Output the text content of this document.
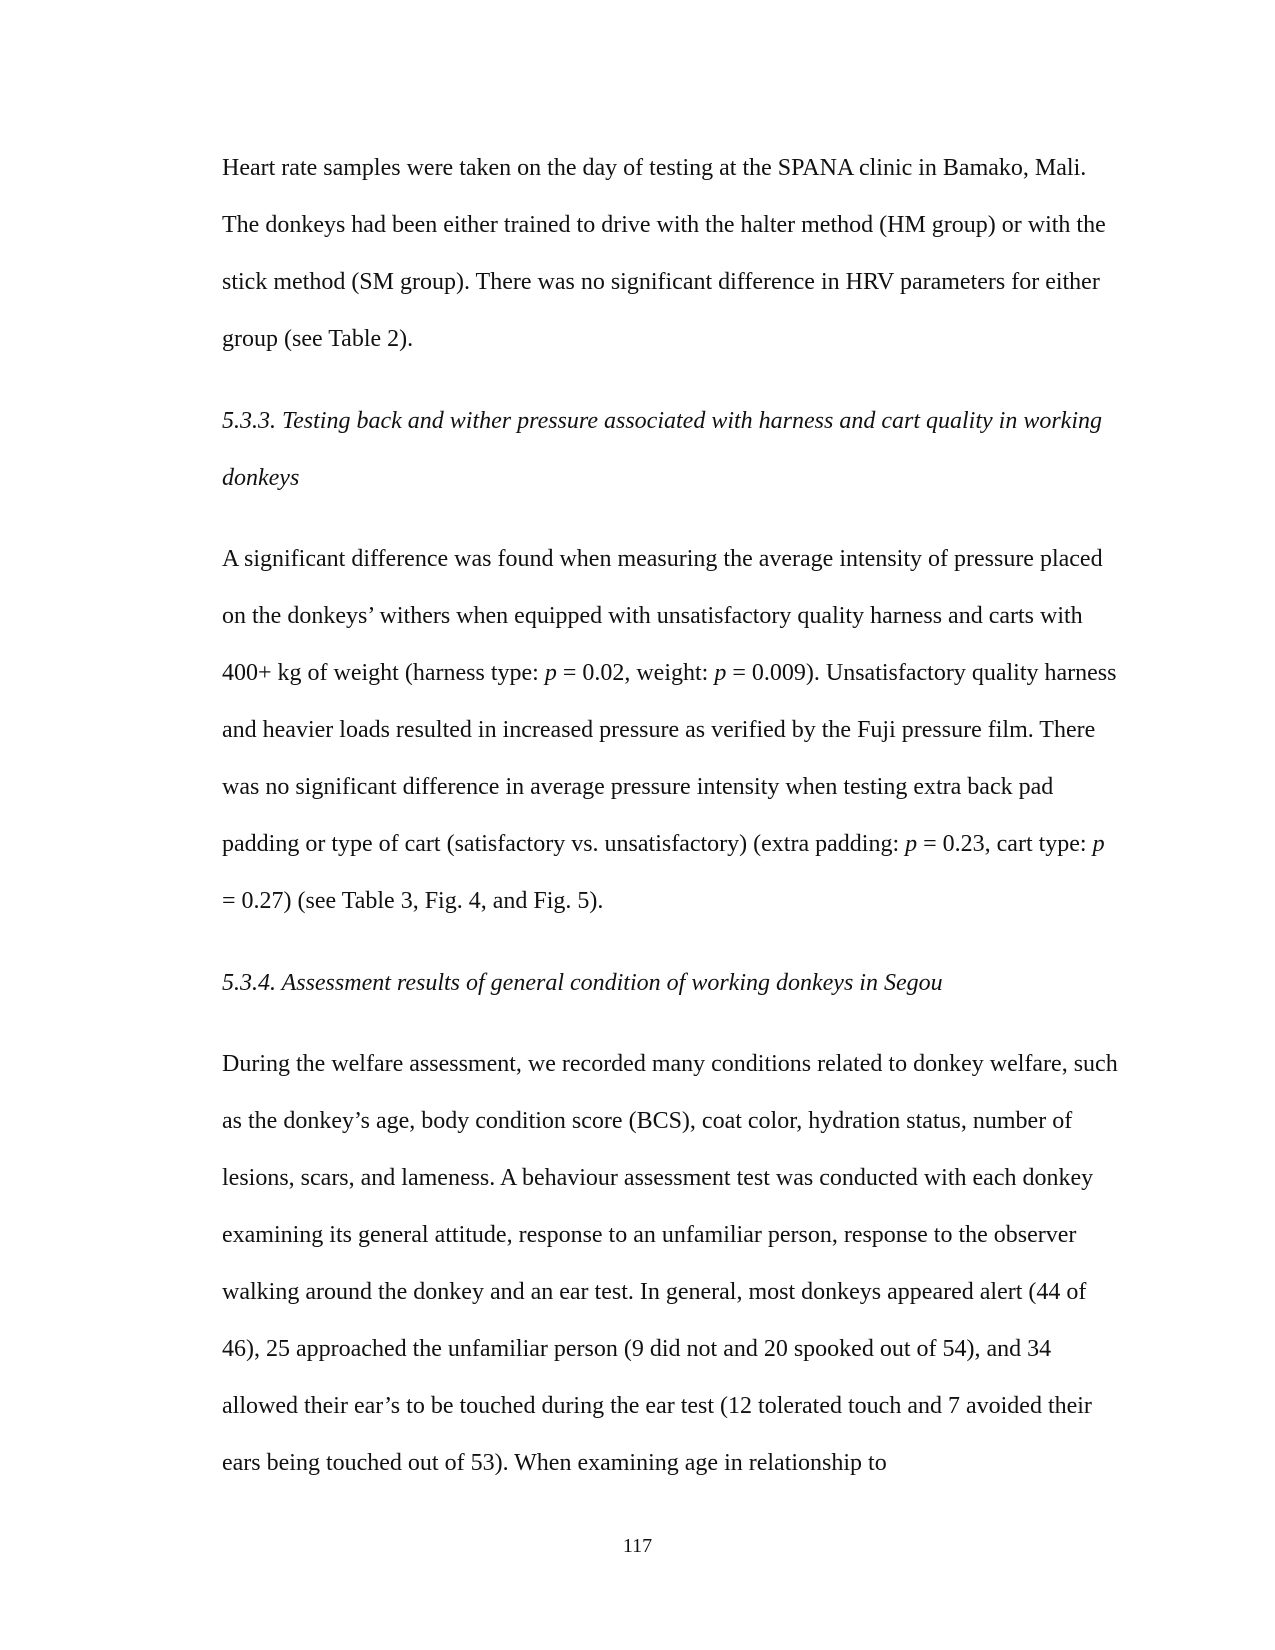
Heart rate samples were taken on the day of testing at the SPANA clinic in Bamako, Mali. The donkeys had been either trained to drive with the halter method (HM group) or with the stick method (SM group). There was no significant difference in HRV parameters for either group (see Table 2).

5.3.3. Testing back and wither pressure associated with harness and cart quality in working donkeys

A significant difference was found when measuring the average intensity of pressure placed on the donkeys’ withers when equipped with unsatisfactory quality harness and carts with 400+ kg of weight (harness type: p = 0.02, weight: p = 0.009). Unsatisfactory quality harness and heavier loads resulted in increased pressure as verified by the Fuji pressure film. There was no significant difference in average pressure intensity when testing extra back pad padding or type of cart (satisfactory vs. unsatisfactory) (extra padding: p = 0.23, cart type: p = 0.27) (see Table 3, Fig. 4, and Fig. 5).

5.3.4. Assessment results of general condition of working donkeys in Segou

During the welfare assessment, we recorded many conditions related to donkey welfare, such as the donkey’s age, body condition score (BCS), coat color, hydration status, number of lesions, scars, and lameness. A behaviour assessment test was conducted with each donkey examining its general attitude, response to an unfamiliar person, response to the observer walking around the donkey and an ear test. In general, most donkeys appeared alert (44 of 46), 25 approached the unfamiliar person (9 did not and 20 spooked out of 54), and 34 allowed their ear’s to be touched during the ear test (12 tolerated touch and 7 avoided their ears being touched out of 53). When examining age in relationship to

117
